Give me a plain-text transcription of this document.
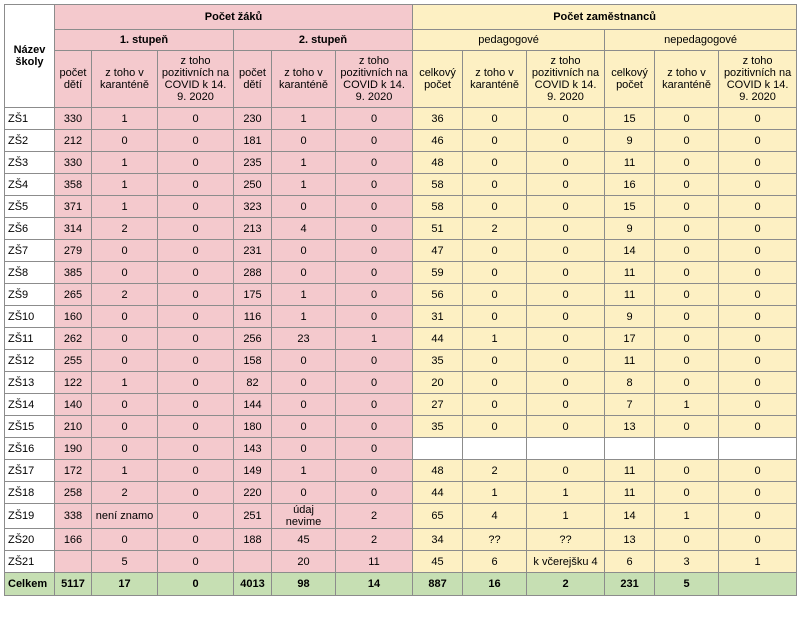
Název školy	Počet žáků						Počet zaměstnanců					
	1. stupeň			2. stupeň			pedagogové			nepedagogové		
	počet dětí	z toho v karanténě	z toho pozitivních na COVID k 14. 9. 2020	počet dětí	z toho v karanténě	z toho pozitivních na COVID k 14. 9. 2020	celkový počet	z toho v karanténě	z toho pozitivních na COVID k 14. 9. 2020	celkový počet	z toho v karanténě	z toho pozitivních na COVID k 14. 9. 2020
ZŠ1	330	1	0	230	1	0	36	0	0	15	0	0
ZŠ2	212	0	0	181	0	0	46	0	0	9	0	0
ZŠ3	330	1	0	235	1	0	48	0	0	11	0	0
ZŠ4	358	1	0	250	1	0	58	0	0	16	0	0
ZŠ5	371	1	0	323	0	0	58	0	0	15	0	0
ZŠ6	314	2	0	213	4	0	51	2	0	9	0	0
ZŠ7	279	0	0	231	0	0	47	0	0	14	0	0
ZŠ8	385	0	0	288	0	0	59	0	0	11	0	0
ZŠ9	265	2	0	175	1	0	56	0	0	11	0	0
ZŠ10	160	0	0	116	1	0	31	0	0	9	0	0
ZŠ11	262	0	0	256	23	1	44	1	0	17	0	0
ZŠ12	255	0	0	158	0	0	35	0	0	11	0	0
ZŠ13	122	1	0	82	0	0	20	0	0	8	0	0
ZŠ14	140	0	0	144	0	0	27	0	0	7	1	0
ZŠ15	210	0	0	180	0	0	35	0	0	13	0	0
ZŠ16	190	0	0	143	0	0						
ZŠ17	172	1	0	149	1	0	48	2	0	11	0	0
ZŠ18	258	2	0	220	0	0	44	1	1	11	0	0
ZŠ19	338	není znamo	0	251	údaj nevime	2	65	4	1	14	1	0
ZŠ20	166	0	0	188	45	2	34	??	??	13	0	0
ZŠ21		5	0		20	11	45	6	k včerejšku 4	6	3	1
Celkem	5117	17	0	4013	98	14	887	16	2	231	5	
